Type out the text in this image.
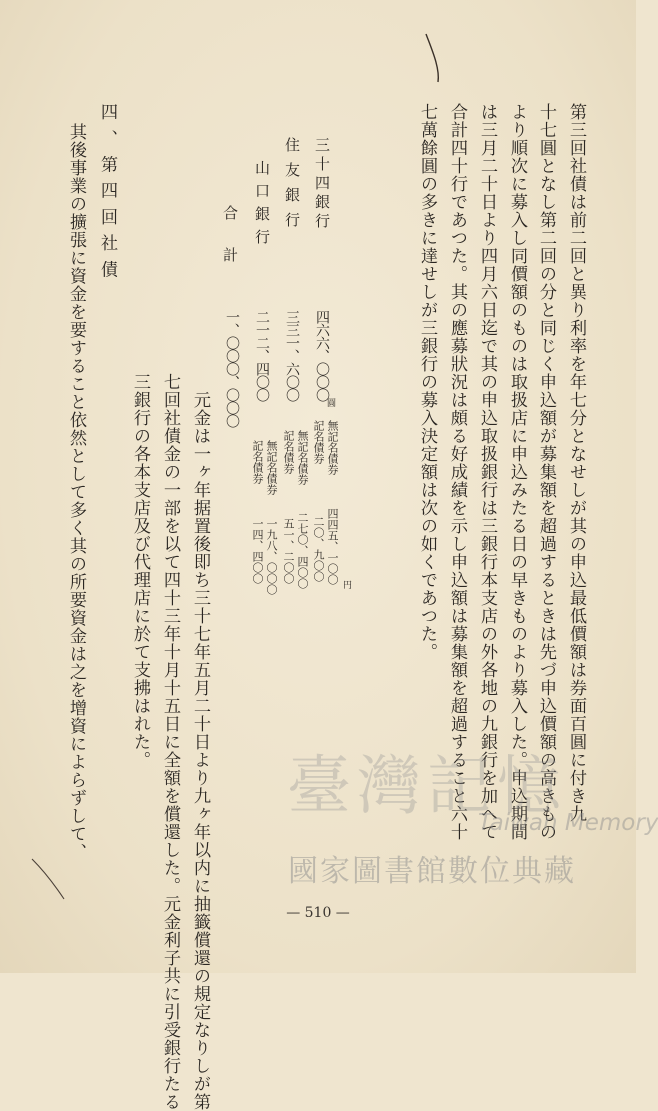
第三回社債は前二回と異り利率を年七分となせしが其の申込最低價額は券面百圓に付き九
十七圓となし第二回の分と同じく申込額が募集額を超過するときは先づ申込價額の高きもの
より順次に募入し同價額のものは取扱店に申込みたる日の早きものより募入した。申込期間
は三月二十日より四月六日迄で其の申込取扱銀行は三銀行本支店の外各地の九銀行を加へて
合計四十行であつた。其の應募狀況は頗る好成績を示し申込額は募集額を超過すること六十
七萬餘圓の多きに達せしが三銀行の募入決定額は次の如くであつた。
三十四銀行
住友銀行
山口銀行
合　計
四六六、〇〇〇
圓
三三一、六〇〇
二一二、四〇〇
一、〇〇〇、〇〇〇
無記名債券
記名債券
四四五、一〇〇 円
二〇、九〇〇
無記名債券
記名債券
二七〇、四〇〇
五一、二〇〇
無記名債券
記名債券
一九八、〇〇〇
一四、四〇〇
元金は一ヶ年据置後即ち三十七年五月二十日より九ヶ年以内に抽籤償還の規定なりしが第
七回社債金の一部を以て四十三年十月十五日に全額を償還した。元金利子共に引受銀行たる
三銀行の各本支店及び代理店に於て支拂はれた。
四、第四回社債
其後事業の擴張に資金を要すること依然として多く其の所要資金は之を增資によらずして、	臺灣記憶
Taiwan Memory
國家圖書館數位典藏
— 510 —
